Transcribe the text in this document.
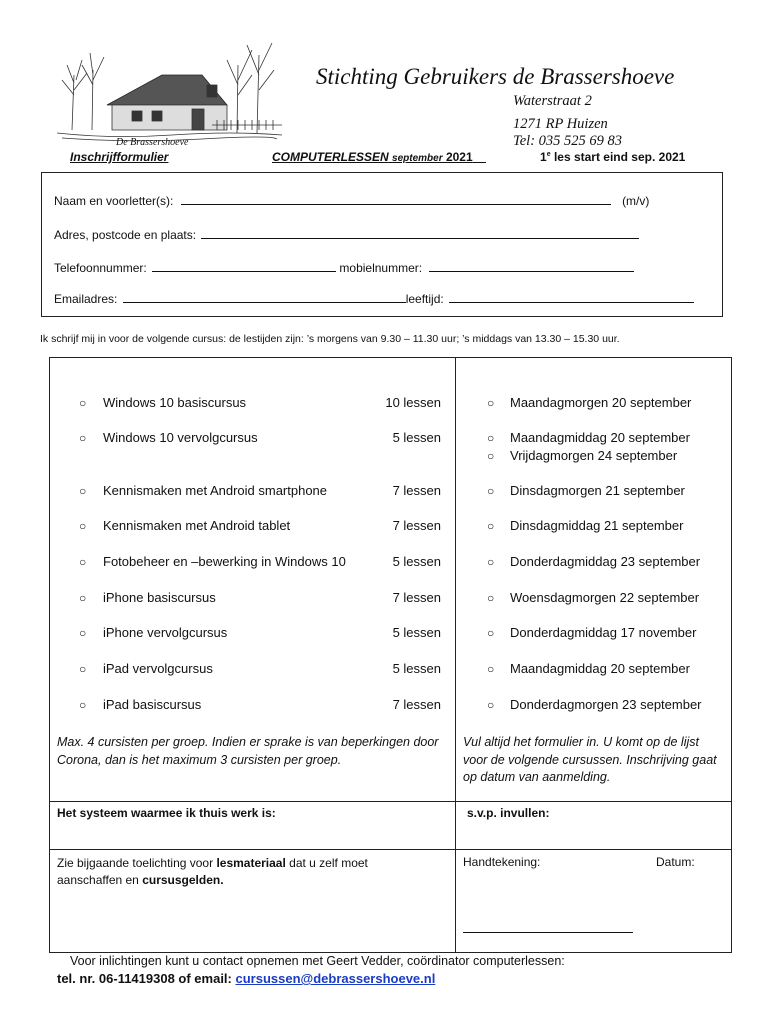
De Brassershoeve
Stichting Gebruikers de Brassershoeve
Waterstraat 2
1271 RP Huizen
Tel: 035 525 69 83
Inschrijfformulier	COMPUTERLESSEN september 2021	1e les start eind sep. 2021
Naam en voorletter(s):	(m/v)
Adres, postcode en plaats:
Telefoonnummer:	mobielnummer:
Emailadres:	leeftijd:
Ik schrijf mij in voor de volgende cursus: de lestijden zijn: ’s morgens van 9.30 – 11.30 uur; ’s middags van 13.30 – 15.30 uur.
○ Windows 10 basiscursus	10 lessen	○ Maandagmorgen 20 september
○ Windows 10 vervolgcursus	5 lessen	○ Maandagmiddag 20 september
○ Vrijdagmorgen 24 september
○ Kennismaken met Android smartphone	7 lessen	○ Dinsdagmorgen 21 september
○ Kennismaken met Android tablet	7 lessen	○ Dinsdagmiddag 21 september
○ Fotobeheer en –bewerking in Windows 10	5 lessen	○ Donderdagmiddag 23 september
○ iPhone basiscursus	7 lessen	○ Woensdagmorgen 22 september
○ iPhone vervolgcursus	5 lessen	○ Donderdagmiddag 17 november
○ iPad vervolgcursus	5 lessen	○ Maandagmiddag 20 september
○ iPad basiscursus	7 lessen	○ Donderdagmorgen 23 september
Max. 4 cursisten per groep. Indien er sprake is van beperkingen door Corona, dan is het maximum 3 cursisten per groep.
Vul altijd het formulier in. U komt op de lijst voor de volgende cursussen. Inschrijving gaat op datum van aanmelding.
Het systeem waarmee ik thuis werk is:	s.v.p. invullen:
Zie bijgaande toelichting voor lesmateriaal dat u zelf moet aanschaffen en cursusgelden.
Handtekening:	Datum:
Voor inlichtingen kunt u contact opnemen met Geert Vedder, coördinator computerlessen:
tel. nr. 06-11419308 of email: cursussen@debrassershoeve.nl
